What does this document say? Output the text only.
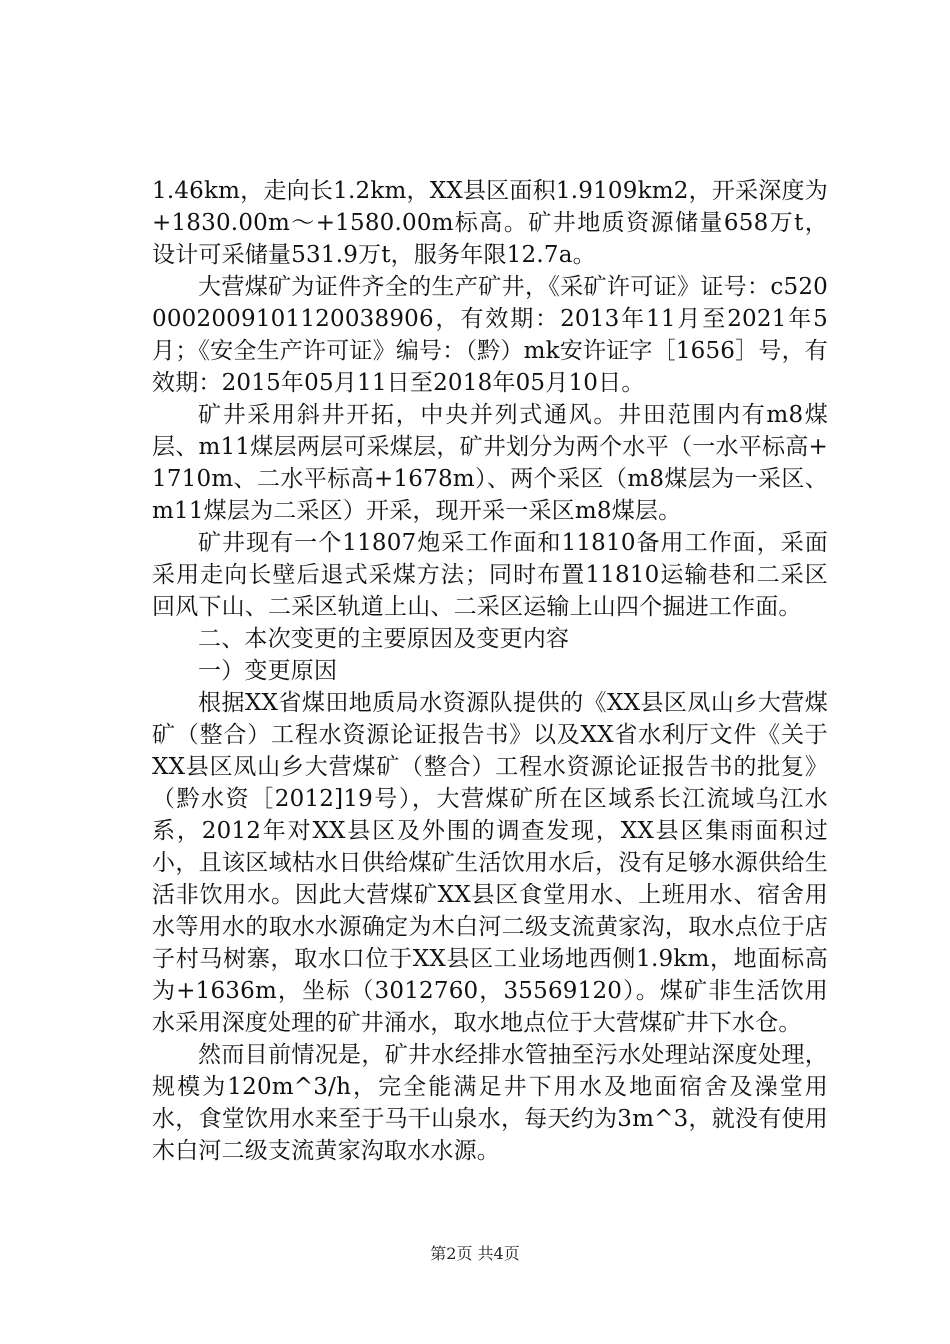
1.46km，走向长1.2km，XX县区面积1.9109km2，开采深度为+1830.00m～+1580.00m标高。矿井地质资源储量658万t，设计可采储量531.9万t，服务年限12.7a。

大营煤矿为证件齐全的生产矿井，《采矿许可证》证号：c5200002009101120038906，有效期：2013年11月至2021年5月；《安全生产许可证》编号：（黔）mk安许证字［1656］号，有效期：2015年05月11日至2018年05月10日。

矿井采用斜井开拓，中央并列式通风。井田范围内有m8煤层、m11煤层两层可采煤层，矿井划分为两个水平（一水平标高+1710m、二水平标高+1678m）、两个采区（m8煤层为一采区、m11煤层为二采区）开采，现开采一采区m8煤层。

矿井现有一个11807炮采工作面和11810备用工作面，采面采用走向长壁后退式采煤方法；同时布置11810运输巷和二采区回风下山、二采区轨道上山、二采区运输上山四个掘进工作面。

二、本次变更的主要原因及变更内容

一）变更原因

根据XX省煤田地质局水资源队提供的《XX县区凤山乡大营煤矿（整合）工程水资源论证报告书》以及XX省水利厅文件《关于XX县区凤山乡大营煤矿（整合）工程水资源论证报告书的批复》（黔水资［2012]19号），大营煤矿所在区域系长江流域乌江水系，2012年对XX县区及外围的调查发现，XX县区集雨面积过小，且该区域枯水日供给煤矿生活饮用水后，没有足够水源供给生活非饮用水。因此大营煤矿XX县区食堂用水、上班用水、宿舍用水等用水的取水水源确定为木白河二级支流黄家沟，取水点位于店子村马树寨，取水口位于XX县区工业场地西侧1.9km，地面标高为+1636m，坐标（3012760，35569120）。煤矿非生活饮用水采用深度处理的矿井涌水，取水地点位于大营煤矿井下水仓。

然而目前情况是，矿井水经排水管抽至污水处理站深度处理，规模为120m^3/h，完全能满足井下用水及地面宿舍及澡堂用水，食堂饮用水来至于马干山泉水，每天约为3m^3，就没有使用木白河二级支流黄家沟取水水源。

第2页 共4页
